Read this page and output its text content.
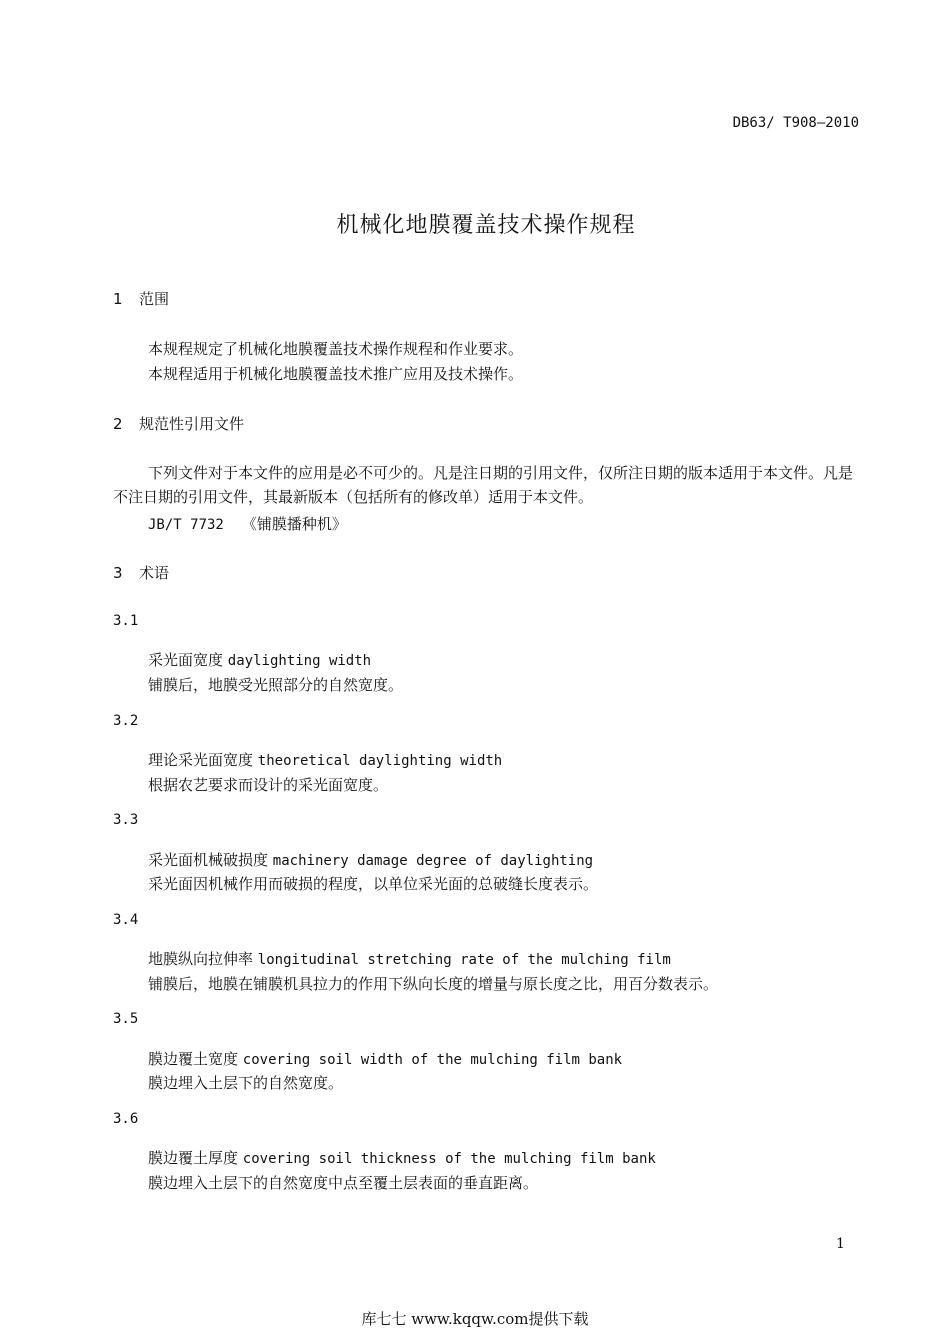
DB63/ T908—2010
机械化地膜覆盖技术操作规程
1 范围
本规程规定了机械化地膜覆盖技术操作规程和作业要求。
本规程适用于机械化地膜覆盖技术推广应用及技术操作。
2 规范性引用文件
下列文件对于本文件的应用是必不可少的。凡是注日期的引用文件，仅所注日期的版本适用于本文件。凡是不注日期的引用文件，其最新版本（包括所有的修改单）适用于本文件。
JB/T 7732 《铺膜播种机》
3 术语
3.1
采光面宽度 daylighting width
铺膜后，地膜受光照部分的自然宽度。
3.2
理论采光面宽度 theoretical daylighting width
根据农艺要求而设计的采光面宽度。
3.3
采光面机械破损度 machinery damage degree of daylighting
采光面因机械作用而破损的程度，以单位采光面的总破缝长度表示。
3.4
地膜纵向拉伸率 longitudinal stretching rate of the mulching film
铺膜后，地膜在铺膜机具拉力的作用下纵向长度的增量与原长度之比，用百分数表示。
3.5
膜边覆土宽度 covering soil width of the mulching film bank
膜边埋入土层下的自然宽度。
3.6
膜边覆土厚度 covering soil thickness of the mulching film bank
膜边埋入土层下的自然宽度中点至覆土层表面的垂直距离。
1
库七七 www.kqqw.com提供下载
